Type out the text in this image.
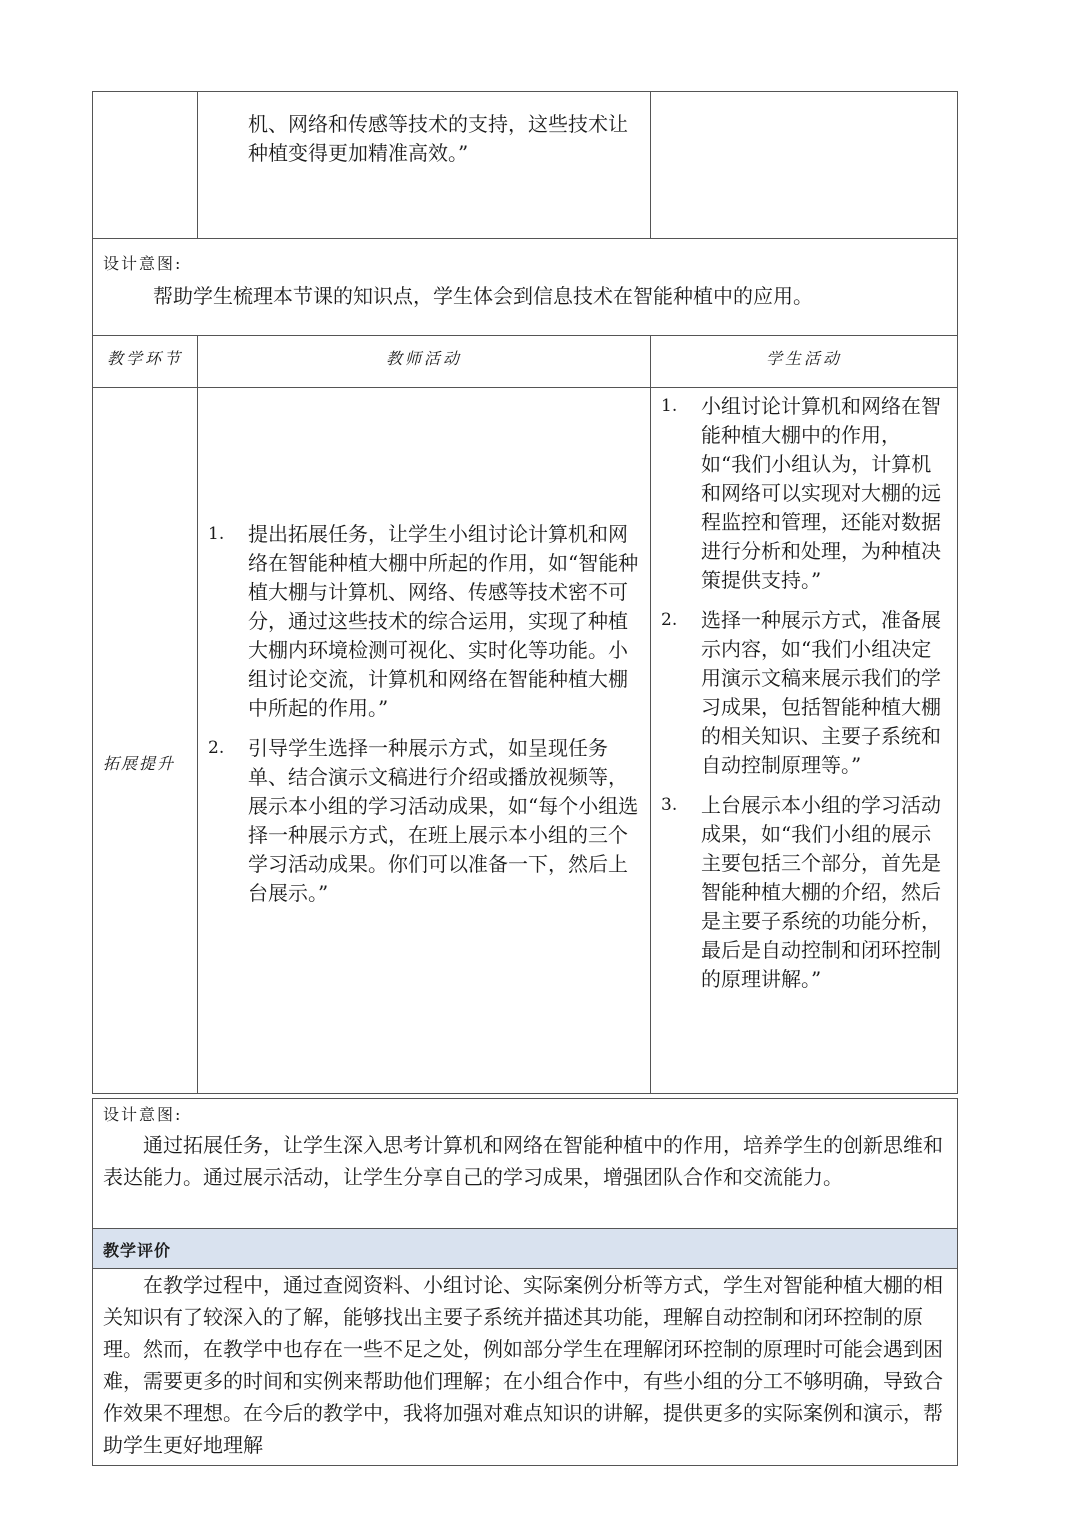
机、网络和传感等技术的支持，这些技术让种植变得更加精准高效。”

设计意图:

帮助学生梳理本节课的知识点，学生体会到信息技术在智能种植中的应用。

教学环节	教师活动	学生活动
拓展提升
1. 提出拓展任务，让学生小组讨论计算机和网络在智能种植大棚中所起的作用，如“智能种植大棚与计算机、网络、传感等技术密不可分，通过这些技术的综合运用，实现了种植大棚内环境检测可视化、实时化等功能。小组讨论交流，计算机和网络在智能种植大棚中所起的作用。”
2. 引导学生选择一种展示方式，如呈现任务单、结合演示文稿进行介绍或播放视频等，展示本小组的学习活动成果，如“每个小组选择一种展示方式，在班上展示本小组的三个学习活动成果。你们可以准备一下，然后上台展示。”
1. 小组讨论计算机和网络在智能种植大棚中的作用，如“我们小组认为，计算机和网络可以实现对大棚的远程监控和管理，还能对数据进行分析和处理，为种植决策提供支持。”
2. 选择一种展示方式，准备展示内容，如“我们小组决定用演示文稿来展示我们的学习成果，包括智能种植大棚的相关知识、主要子系统和自动控制原理等。”
3. 上台展示本小组的学习活动成果，如“我们小组的展示主要包括三个部分，首先是智能种植大棚的介绍，然后是主要子系统的功能分析，最后是自动控制和闭环控制的原理讲解。”

设计意图:

通过拓展任务，让学生深入思考计算机和网络在智能种植中的作用，培养学生的创新思维和表达能力。通过展示活动，让学生分享自己的学习成果，增强团队合作和交流能力。

教学评价

在教学过程中，通过查阅资料、小组讨论、实际案例分析等方式，学生对智能种植大棚的相关知识有了较深入的了解，能够找出主要子系统并描述其功能，理解自动控制和闭环控制的原理。然而，在教学中也存在一些不足之处，例如部分学生在理解闭环控制的原理时可能会遇到困难，需要更多的时间和实例来帮助他们理解；在小组合作中，有些小组的分工不够明确，导致合作效果不理想。在今后的教学中，我将加强对难点知识的讲解，提供更多的实际案例和演示，帮助学生更好地理解
